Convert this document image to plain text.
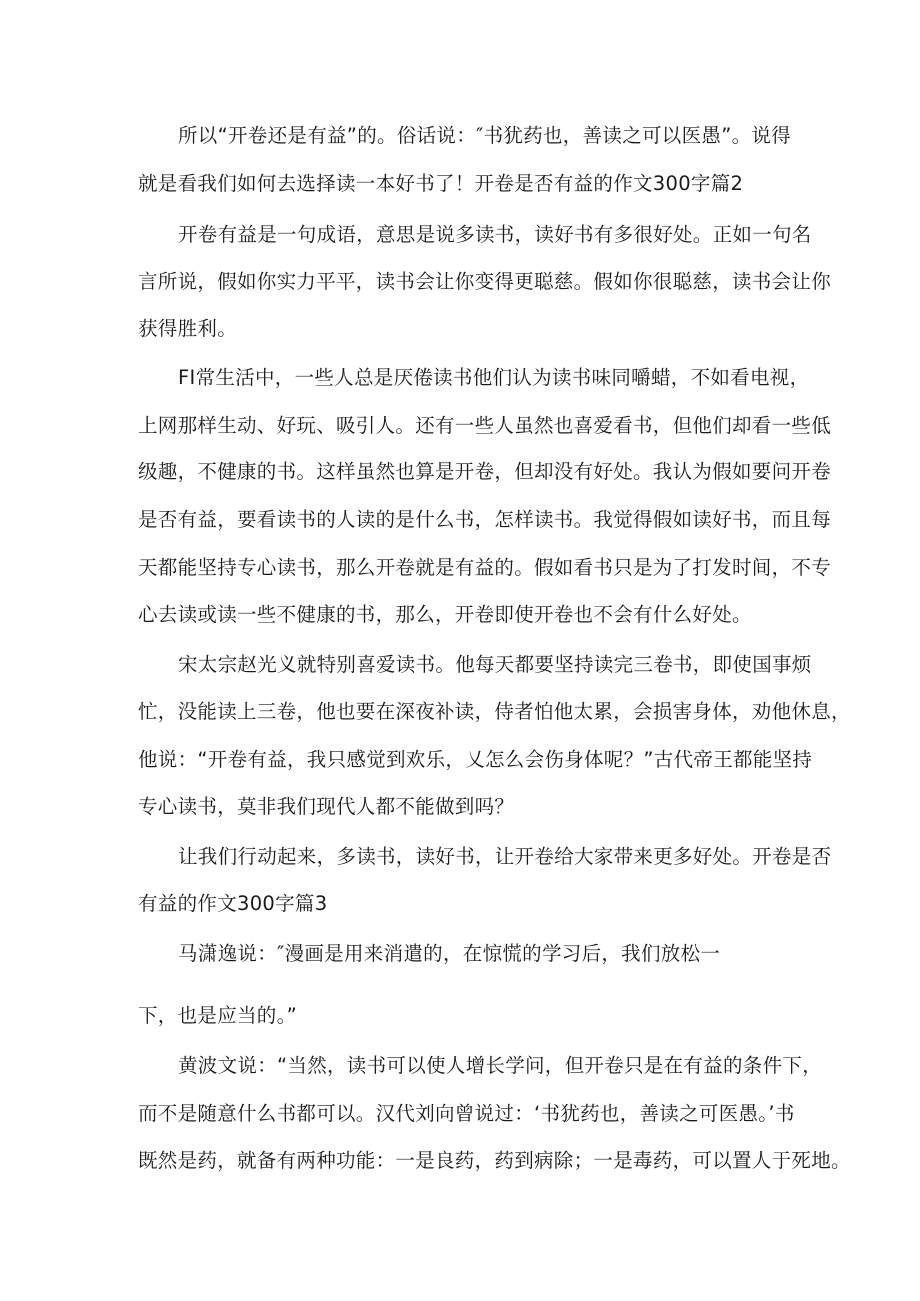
所以“开卷还是有益”的。俗话说：″书犹药也，善读之可以医愚”。说得
就是看我们如何去选择读一本好书了！开卷是否有益的作文300字篇2
开卷有益是一句成语，意思是说多读书，读好书有多很好处。正如一句名
言所说，假如你实力平平，读书会让你变得更聪慈。假如你很聪慈，读书会让你
获得胜利。
FI常生活中，一些人总是厌倦读书他们认为读书味同嚼蜡，不如看电视，
上网那样生动、好玩、吸引人。还有一些人虽然也喜爱看书，但他们却看一些低
级趣，不健康的书。这样虽然也算是开卷，但却没有好处。我认为假如要问开卷
是否有益，要看读书的人读的是什么书，怎样读书。我觉得假如读好书，而且每
天都能坚持专心读书，那么开卷就是有益的。假如看书只是为了打发时间，不专
心去读或读一些不健康的书，那么，开卷即使开卷也不会有什么好处。
宋太宗赵光义就特别喜爱读书。他每天都要坚持读完三卷书，即使国事烦
忙，没能读上三卷，他也要在深夜补读，侍者怕他太累，会损害身体，劝他休息，
他说：“开卷有益，我只感觉到欢乐，乂怎么会伤身体呢？”古代帝王都能坚持
专心读书，莫非我们现代人都不能做到吗？
让我们行动起来，多读书，读好书，让开卷给大家带来更多好处。开卷是否
有益的作文300字篇3
马潇逸说：″漫画是用来消遣的，在惊慌的学习后，我们放松一
下，也是应当的。”
黄波文说：“当然，读书可以使人增长学问，但开卷只是在有益的条件下，
而不是随意什么书都可以。汉代刘向曾说过：‘书犹药也，善读之可医愚。’书
既然是药，就备有两种功能：一是良药，药到病除；一是毒药，可以置人于死地。
